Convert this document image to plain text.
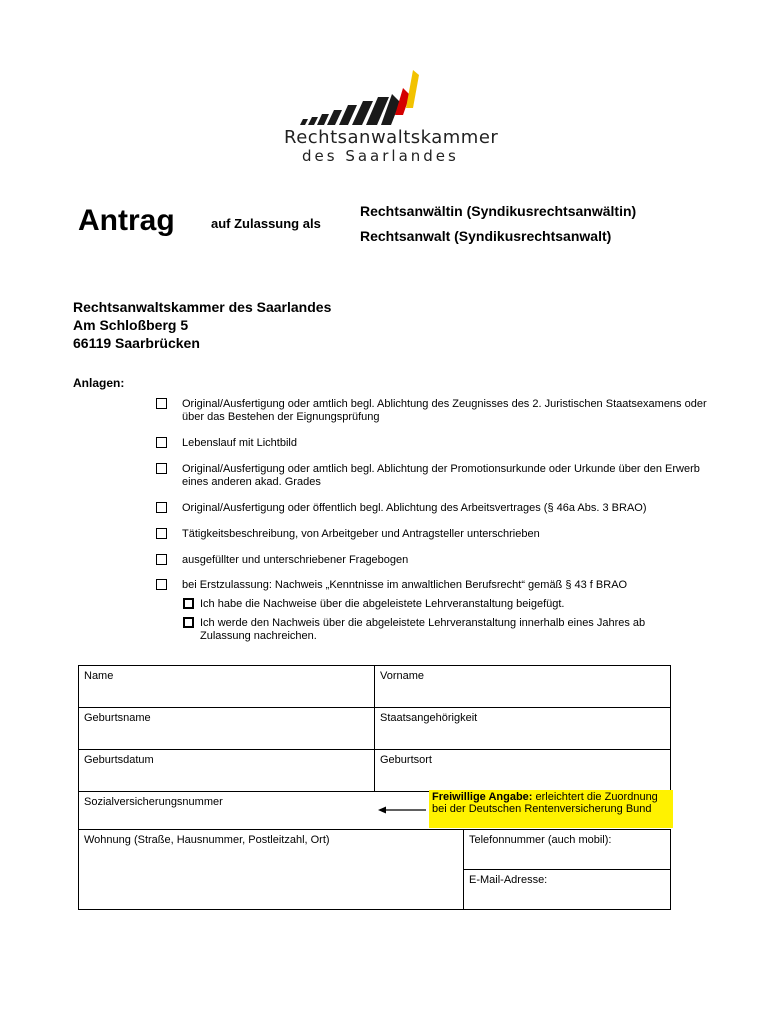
Rechtsanwaltskammer
des Saarlandes
Antrag	auf Zulassung als
Rechtsanwältin (Syndikusrechtsanwältin)
Rechtsanwalt (Syndikusrechtsanwalt)
Rechtsanwaltskammer des Saarlandes
Am Schloßberg 5
66119 Saarbrücken
Anlagen:
Original/Ausfertigung oder amtlich begl. Ablichtung des Zeugnisses des 2. Juristischen Staatsexamens oder über das Bestehen der Eignungsprüfung
Lebenslauf mit Lichtbild
Original/Ausfertigung oder amtlich begl. Ablichtung der Promotionsurkunde oder Urkunde über den Erwerb eines anderen akad. Grades
Original/Ausfertigung oder öffentlich begl. Ablichtung des Arbeitsvertrages (§ 46a Abs. 3 BRAO)
Tätigkeitsbeschreibung, von Arbeitgeber und Antragsteller unterschrieben
ausgefüllter und unterschriebener Fragebogen
bei Erstzulassung: Nachweis „Kenntnisse im anwaltlichen Berufsrecht“ gemäß § 43 f BRAO
Ich habe die Nachweise über die abgeleistete Lehrveranstaltung beigefügt.
Ich werde den Nachweis über die abgeleistete Lehrveranstaltung innerhalb eines Jahres ab Zulassung nachreichen.
Name	Vorname	
Geburtsname	Staatsangehörigkeit	
Geburtsdatum	Geburtsort	
Sozialversicherungsnummer		
Wohnung (Straße, Hausnummer, Postleitzahl, Ort)		Telefonnummer (auch mobil):
		E-Mail-Adresse:
Freiwillige Angabe: erleichtert die Zuordnung bei der Deutschen Rentenversicherung Bund
